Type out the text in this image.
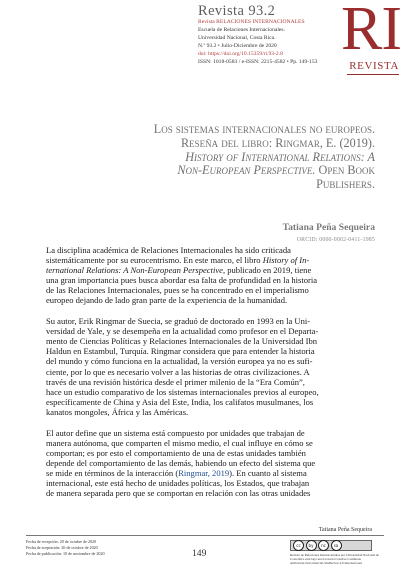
Revista 93.2
Revista RELACIONES INTERNACIONALES
Escuela de Relaciones Internacionales.
Universidad Nacional, Costa Rica.
N.º 93.2 • Julio-Diciembre de 2020
doi: https://doi.org/10.15359/ri.93-2.8
ISSN: 1018-0583 / e-ISSN: 2215-4582 • Pp. 149-153 RI
REVISTA
Los sistemas internacionales no europeos.
Reseña del libro: Ringmar, E. (2019).
History of International Relations: A
Non-European Perspective. Open Book
Publishers.
Tatiana Peña Sequeira
ORCID: 0000-0002-0411-1985

La disciplina académica de Relaciones Internacionales ha sido criticada
sistemáticamente por su eurocentrismo. En este marco, el libro History of In-
ternational Relations: A Non-European Perspective, publicado en 2019, tiene
una gran importancia pues busca abordar esa falta de profundidad en la historia
de las Relaciones Internacionales, pues se ha concentrado en el imperialismo
europeo dejando de lado gran parte de la experiencia de la humanidad.

Su autor, Erik Ringmar de Suecia, se graduó de doctorado en 1993 en la Uni-
versidad de Yale, y se desempeña en la actualidad como profesor en el Departa-
mento de Ciencias Políticas y Relaciones Internacionales de la Universidad Ibn
Haldun en Estambul, Turquía. Ringmar considera que para entender la historia
del mundo y cómo funciona en la actualidad, la versión europea ya no es sufi-
ciente, por lo que es necesario volver a las historias de otras civilizaciones. A
través de una revisión histórica desde el primer milenio de la “Era Común”,
hace un estudio comparativo de los sistemas internacionales previos al europeo,
específicamente de China y Asia del Este, India, los califatos musulmanes, los
kanatos mongoles, África y las Américas.

El autor define que un sistema está compuesto por unidades que trabajan de
manera autónoma, que comparten el mismo medio, el cual influye en cómo se
comportan; es por esto el comportamiento de una de estas unidades también
depende del comportamiento de las demás, habiendo un efecto del sistema que
se mide en términos de la interacción (Ringmar, 2019). En cuanto al sistema
internacional, este está hecho de unidades políticas, los Estados, que trabajan
de manera separada pero que se comportan en relación con las otras unidades

Tatiana Peña Sequeira
Fecha de recepción: 20 de octubre de 2020
Fecha de aceptación: 26 de octubre de 2020
Fecha de publicación: 10 de noviembre de 2020	149
cc	by	nc	sa
Revista de Relaciones Internacionales por Universidad Nacional de
Costa Rica está bajo una Licencia Creative Commons
Atribución-NoComercial-SinDerivar 4.0 Internacional
